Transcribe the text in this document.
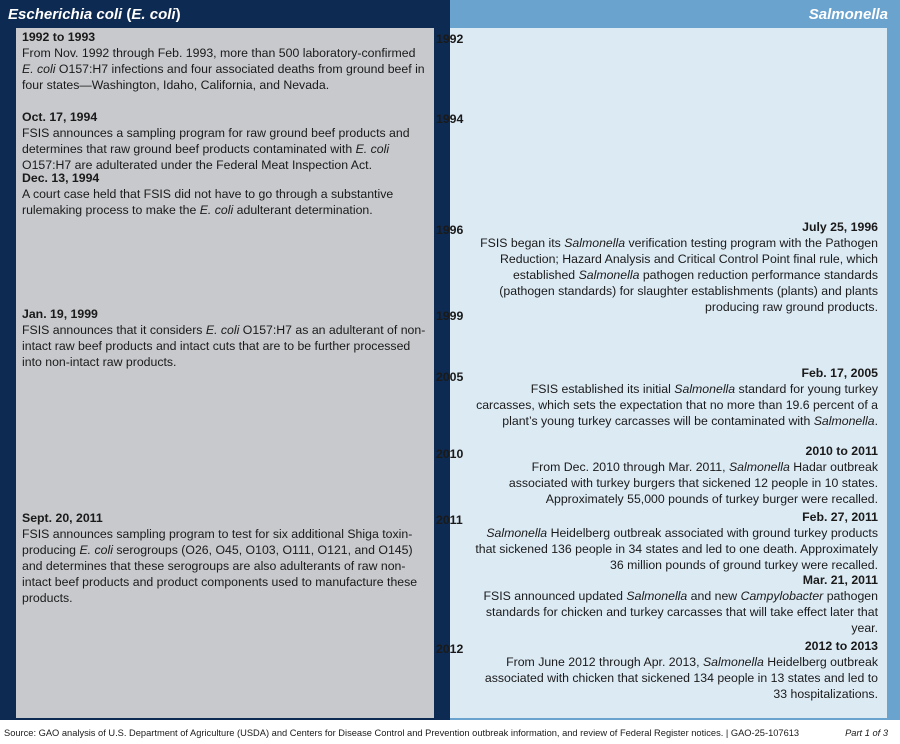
Escherichia coli (E. coli)	Salmonella
1992
1994
1996
1999
2005
2010
2011
2012
1992 to 1993
From Nov. 1992 through Feb. 1993, more than 500 laboratory-confirmed E. coli O157:H7 infections and four associated deaths from ground beef in four states—Washington, Idaho, California, and Nevada.
Oct. 17, 1994
FSIS announces a sampling program for raw ground beef products and determines that raw ground beef products contaminated with E. coli O157:H7 are adulterated under the Federal Meat Inspection Act.
Dec. 13, 1994
A court case held that FSIS did not have to go through a substantive rulemaking process to make the E. coli adulterant determination.
Jan. 19, 1999
FSIS announces that it considers E. coli O157:H7 as an adulterant of non-intact raw beef products and intact cuts that are to be further processed into non-intact raw products.
Sept. 20, 2011
FSIS announces sampling program to test for six additional Shiga toxin-producing E. coli serogroups (O26, O45, O103, O111, O121, and O145) and determines that these serogroups are also adulterants of raw non-intact beef products and product components used to manufacture these products.
July 25, 1996
FSIS began its Salmonella verification testing program with the Pathogen Reduction; Hazard Analysis and Critical Control Point final rule, which established Salmonella pathogen reduction performance standards (pathogen standards) for slaughter establishments (plants) and plants producing raw ground products.
Feb. 17, 2005
FSIS established its initial Salmonella standard for young turkey carcasses, which sets the expectation that no more than 19.6 percent of a plant’s young turkey carcasses will be contaminated with Salmonella.
2010 to 2011
From Dec. 2010 through Mar. 2011, Salmonella Hadar outbreak associated with turkey burgers that sickened 12 people in 10 states. Approximately 55,000 pounds of turkey burger were recalled.
Feb. 27, 2011
Salmonella Heidelberg outbreak associated with ground turkey products that sickened 136 people in 34 states and led to one death. Approximately 36 million pounds of ground turkey were recalled.
Mar. 21, 2011
FSIS announced updated Salmonella and new Campylobacter pathogen standards for chicken and turkey carcasses that will take effect later that year.
2012 to 2013
From June 2012 through Apr. 2013, Salmonella Heidelberg outbreak associated with chicken that sickened 134 people in 13 states and led to 33 hospitalizations.
Source: GAO analysis of U.S. Department of Agriculture (USDA) and Centers for Disease Control and Prevention outbreak information, and review of Federal Register notices. | GAO-25-107613	Part 1 of 3
